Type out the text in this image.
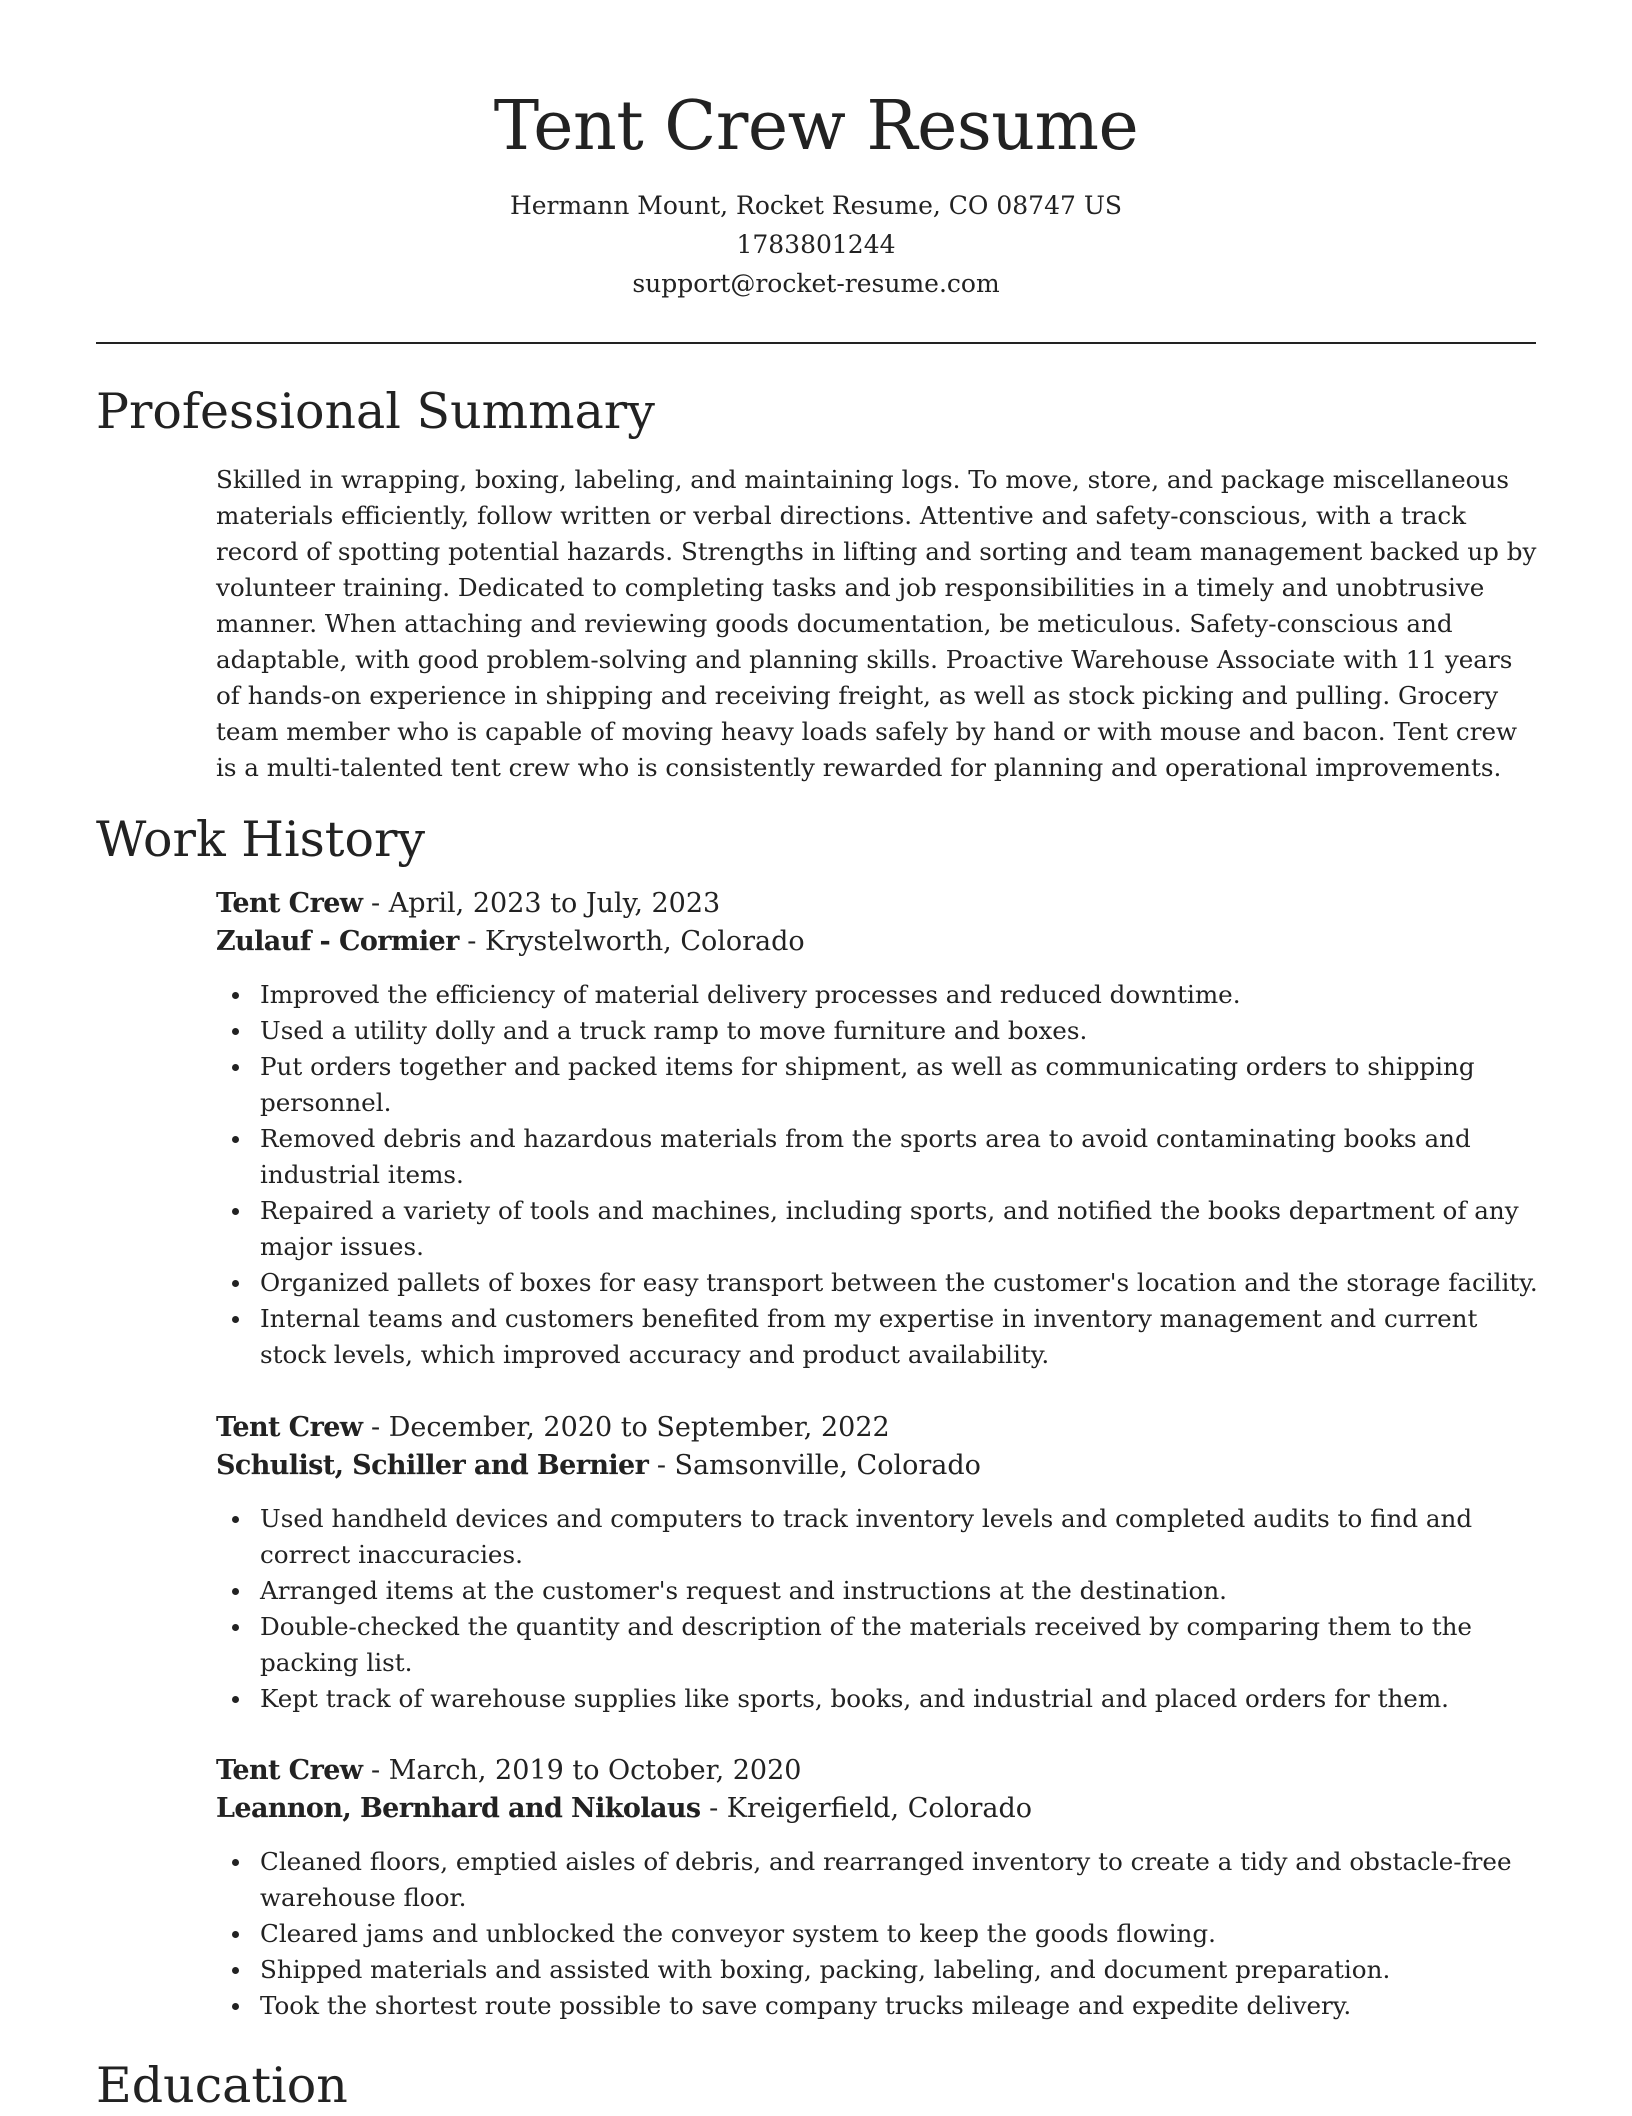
Tent Crew Resume

Hermann Mount, Rocket Resume, CO 08747 US

1783801244

support@rocket-resume.com

Professional Summary

Skilled in wrapping, boxing, labeling, and maintaining logs. To move, store, and package miscellaneous materials efficiently, follow written or verbal directions. Attentive and safety-conscious, with a track record of spotting potential hazards. Strengths in lifting and sorting and team management backed up by volunteer training. Dedicated to completing tasks and job responsibilities in a timely and unobtrusive manner. When attaching and reviewing goods documentation, be meticulous. Safety-conscious and adaptable, with good problem-solving and planning skills. Proactive Warehouse Associate with 11 years of hands-on experience in shipping and receiving freight, as well as stock picking and pulling. Grocery team member who is capable of moving heavy loads safely by hand or with mouse and bacon. Tent crew is a multi-talented tent crew who is consistently rewarded for planning and operational improvements.

Work History

Tent Crew - April, 2023 to July, 2023

Zulauf - Cormier - Krystelworth, Colorado

Improved the efficiency of material delivery processes and reduced downtime.
Used a utility dolly and a truck ramp to move furniture and boxes.
Put orders together and packed items for shipment, as well as communicating orders to shipping personnel.
Removed debris and hazardous materials from the sports area to avoid contaminating books and industrial items.
Repaired a variety of tools and machines, including sports, and notified the books department of any major issues.
Organized pallets of boxes for easy transport between the customer's location and the storage facility.
Internal teams and customers benefited from my expertise in inventory management and current stock levels, which improved accuracy and product availability.

Tent Crew - December, 2020 to September, 2022

Schulist, Schiller and Bernier - Samsonville, Colorado

Used handheld devices and computers to track inventory levels and completed audits to find and correct inaccuracies.
Arranged items at the customer's request and instructions at the destination.
Double-checked the quantity and description of the materials received by comparing them to the packing list.
Kept track of warehouse supplies like sports, books, and industrial and placed orders for them.

Tent Crew - March, 2019 to October, 2020

Leannon, Bernhard and Nikolaus - Kreigerfield, Colorado

Cleaned floors, emptied aisles of debris, and rearranged inventory to create a tidy and obstacle-free warehouse floor.
Cleared jams and unblocked the conveyor system to keep the goods flowing.
Shipped materials and assisted with boxing, packing, labeling, and document preparation.
Took the shortest route possible to save company trucks mileage and expedite delivery.
Education
